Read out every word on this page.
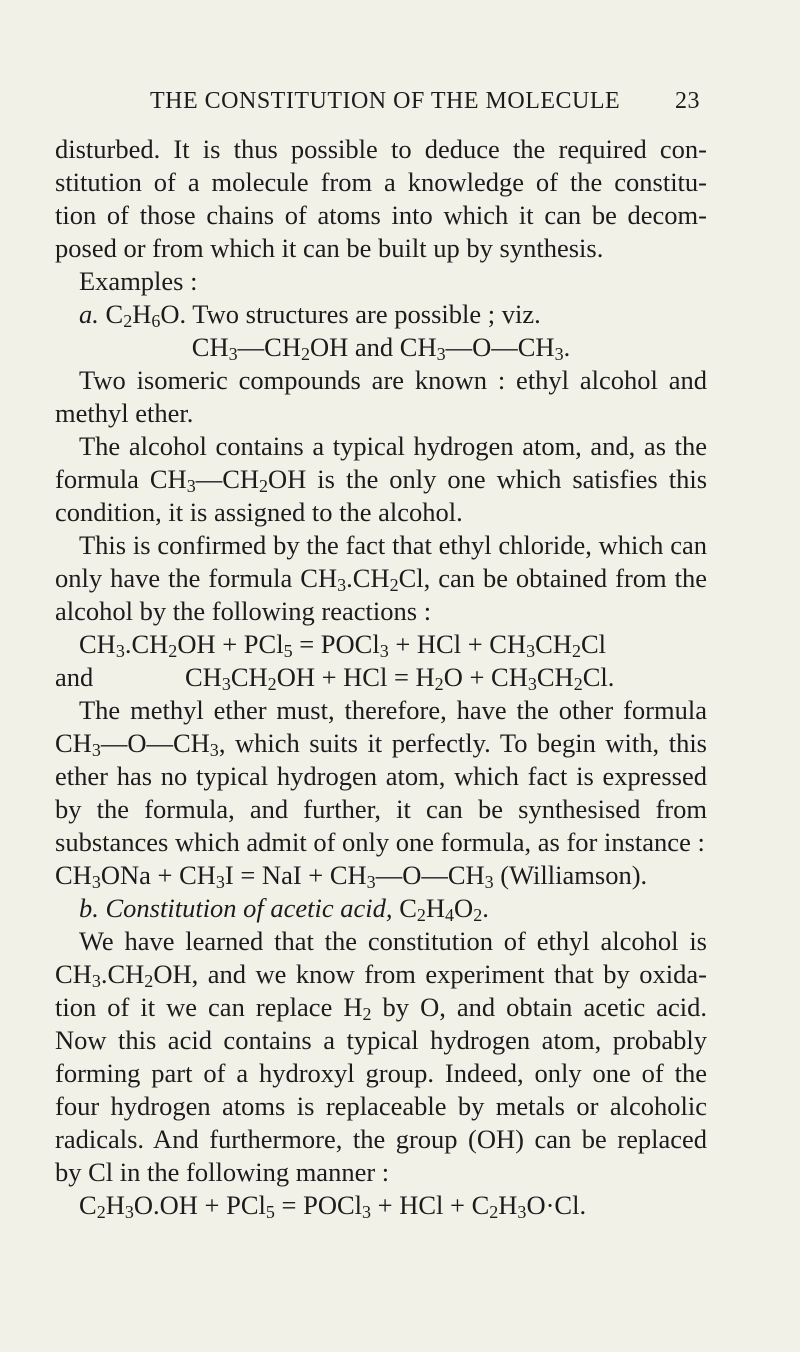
THE CONSTITUTION OF THE MOLECULE 23

disturbed. It is thus possible to deduce the required con- stitution of a molecule from a knowledge of the constitu- tion of those chains of atoms into which it can be decom- posed or from which it can be built up by synthesis.

Examples :

a. $C_2H_6O$. Two structures are possible ; viz.

$CH_3—CH_2OH$ and $CH_3—O—CH_3$.

Two isomeric compounds are known : ethyl alcohol and methyl ether.

The alcohol contains a typical hydrogen atom, and, as the formula $CH_3—CH_2OH$ is the only one which satisfies this condition, it is assigned to the alcohol.

This is confirmed by the fact that ethyl chloride, which can only have the formula $CH_3.CH_2Cl$, can be obtained from the alcohol by the following reactions :

$CH_3.CH_2OH + PCl_5$ = POCl$_3$ + HCl + $CH_3CH_2Cl$

and	$CH_3CH_2OH$ + HCl = $H_2O + CH_3CH_2Cl$.

The methyl ether must, therefore, have the other formula $CH_3—O—CH_3$, which suits it perfectly. To begin with, this ether has no typical hydrogen atom, which fact is expressed by the formula, and further, it can be synthesised from substances which admit of only one formula, as for instance :

$CH_3ONa + CH_3I$ = NaI + $CH_3—O—CH_3$ (Williamson).

b. Constitution of acetic acid, $C_2H_4O_2$.

We have learned that the constitution of ethyl alcohol is $CH_3.CH_2OH$, and we know from experiment that by oxida- tion of it we can replace $H_2$ by O, and obtain acetic acid. Now this acid contains a typical hydrogen atom, probably forming part of a hydroxyl group. Indeed, only one of the four hydrogen atoms is replaceable by metals or alcoholic radicals. And furthermore, the group (OH) can be replaced by Cl in the following manner :

$C_2H_3O.OH + PCl_5$ = POCl$_3$ + HCl + $C_2H_3O\cdot Cl$.
